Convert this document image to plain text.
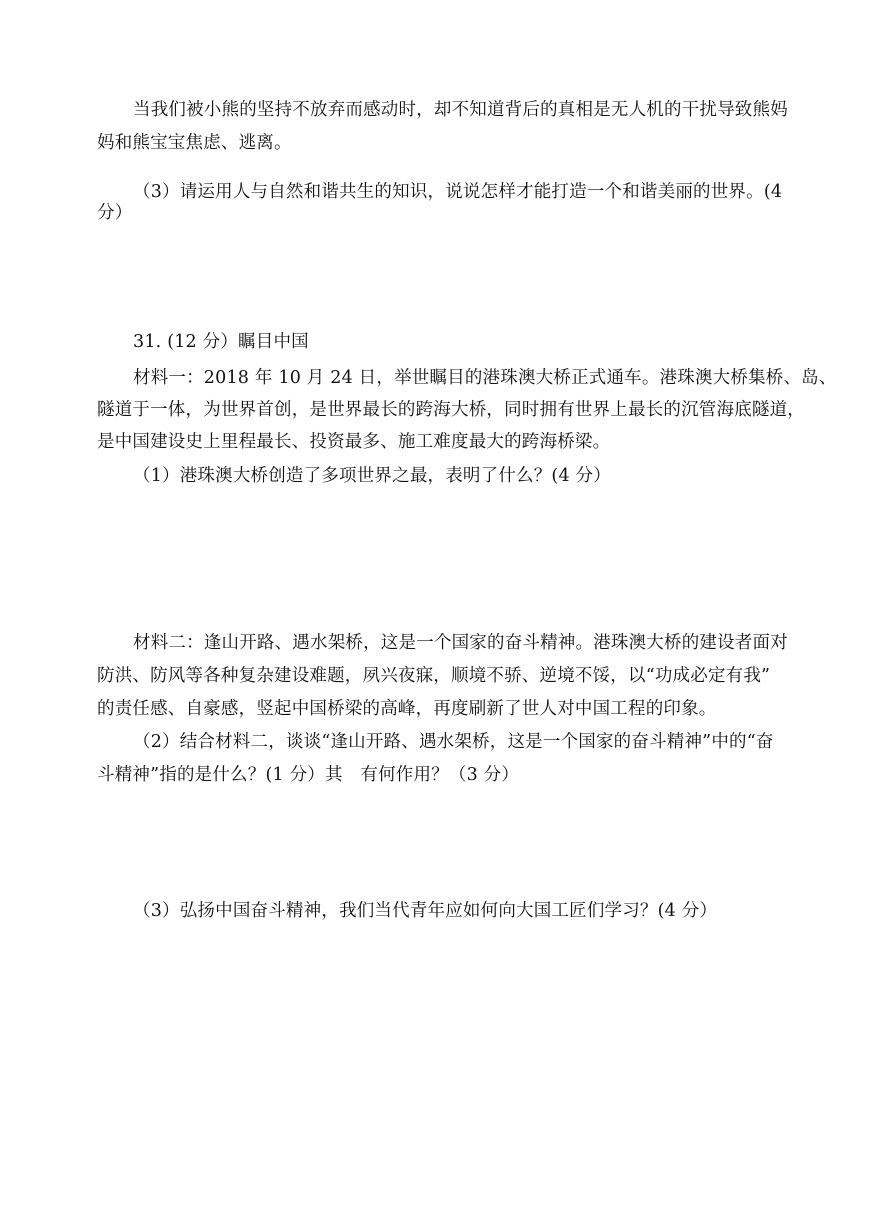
当我们被小熊的坚持不放弃而感动时，却不知道背后的真相是无人机的干扰导致熊妈
妈和熊宝宝焦虑、逃离。
（3）请运用人与自然和谐共生的知识，说说怎样才能打造一个和谐美丽的世界。(4
分）
31. (12 分）瞩目中国
材料一：2018 年 10 月 24 日，举世瞩目的港珠澳大桥正式通车。港珠澳大桥集桥、岛、
隧道于一体，为世界首创，是世界最长的跨海大桥，同时拥有世界上最长的沉管海底隧道，
是中国建设史上里程最长、投资最多、施工难度最大的跨海桥梁。
（1）港珠澳大桥创造了多项世界之最，表明了什么？(4 分）
材料二：逢山开路、遇水架桥，这是一个国家的奋斗精神。港珠澳大桥的建设者面对
防洪、防风等各种复杂建设难题，夙兴夜寐，顺境不骄、逆境不馁，以“功成必定有我”
的责任感、自豪感，竖起中国桥梁的高峰，再度刷新了世人对中国工程的印象。
（2）结合材料二，谈谈“逢山开路、遇水架桥，这是一个国家的奋斗精神”中的“奋
斗精神”指的是什么？(1 分）其　有何作用？（3 分）
（3）弘扬中国奋斗精神，我们当代青年应如何向大国工匠们学习？(4 分）
